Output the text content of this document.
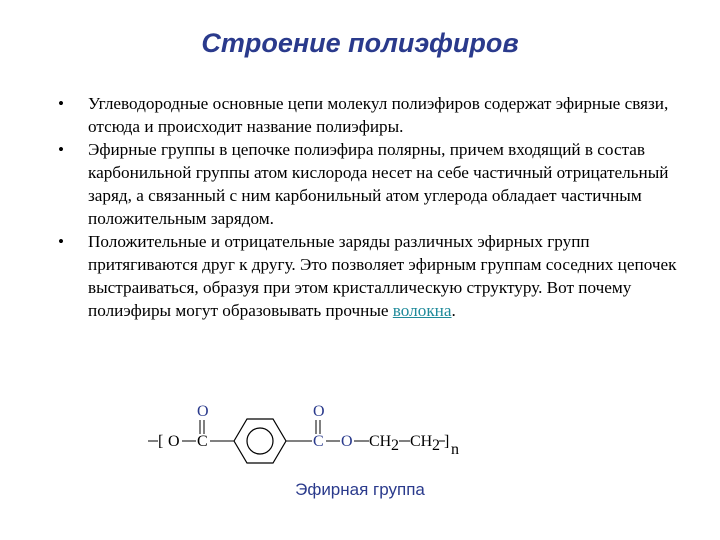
Строение полиэфиров
• Углеводородные основные цепи молекул полиэфиров содержат эфирные связи, отсюда и происходит название полиэфиры.
• Эфирные группы в цепочке полиэфира полярны, причем входящий в состав карбонильной группы атом кислорода несет на себе частичный отрицательный заряд, а связанный с ним карбонильный атом углерода обладает частичным положительным зарядом.
• Положительные и отрицательные заряды различных эфирных групп притягиваются друг к другу. Это позволяет эфирным группам соседних цепочек выстраиваться, образуя при этом кристаллическую структуру. Вот почему полиэфиры могут образовывать прочные волокна.
O	O
[ O C	C O CH 2 CH 2 ] n
Эфирная группа
